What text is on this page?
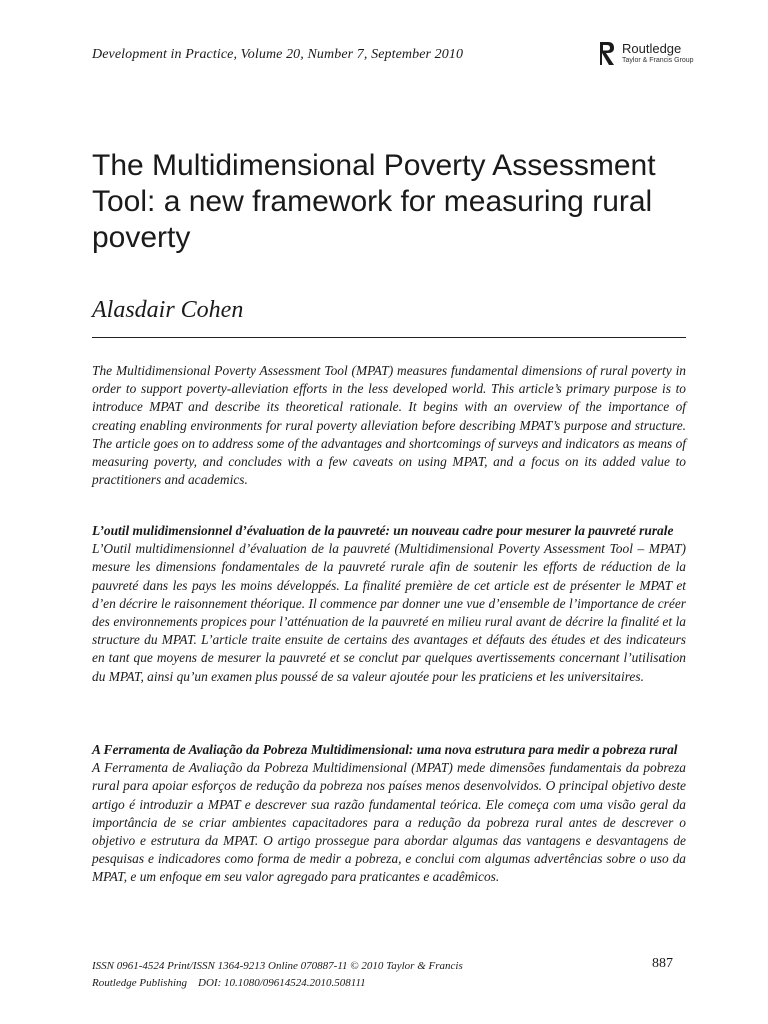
Development in Practice, Volume 20, Number 7, September 2010	Routledge
Taylor & Francis Group
The Multidimensional Poverty Assessment Tool: a new framework for measuring rural poverty
Alasdair Cohen

The Multidimensional Poverty Assessment Tool (MPAT) measures fundamental dimensions of rural poverty in order to support poverty-alleviation efforts in the less developed world. This article’s primary purpose is to introduce MPAT and describe its theoretical rationale. It begins with an overview of the importance of creating enabling environments for rural poverty alleviation before describing MPAT’s purpose and structure. The article goes on to address some of the advantages and shortcomings of surveys and indicators as means of measuring poverty, and concludes with a few caveats on using MPAT, and a focus on its added value to practitioners and academics.

L’outil mulidimensionnel d’évaluation de la pauvreté: un nouveau cadre pour mesurer la pauvreté rurale

L’Outil multidimensionnel d’évaluation de la pauvreté (Multidimensional Poverty Assessment Tool – MPAT) mesure les dimensions fondamentales de la pauvreté rurale afin de soutenir les efforts de réduction de la pauvreté dans les pays les moins développés. La finalité première de cet article est de présenter le MPAT et d’en décrire le raisonnement théorique. Il commence par donner une vue d’ensemble de l’importance de créer des environnements propices pour l’atténuation de la pauvreté en milieu rural avant de décrire la finalité et la structure du MPAT. L’article traite ensuite de certains des avantages et défauts des études et des indicateurs en tant que moyens de mesurer la pauvreté et se conclut par quelques avertissements concernant l’utilisation du MPAT, ainsi qu’un examen plus poussé de sa valeur ajoutée pour les praticiens et les universitaires.

A Ferramenta de Avaliação da Pobreza Multidimensional: uma nova estrutura para medir a pobreza rural

A Ferramenta de Avaliação da Pobreza Multidimensional (MPAT) mede dimensões fundamentais da pobreza rural para apoiar esforços de redução da pobreza nos países menos desenvolvidos. O principal objetivo deste artigo é introduzir a MPAT e descrever sua razão fundamental teórica. Ele começa com uma visão geral da importância de se criar ambientes capacitadores para a redução da pobreza rural antes de descrever o objetivo e estrutura da MPAT. O artigo prossegue para abordar algumas das vantagens e desvantagens de pesquisas e indicadores como forma de medir a pobreza, e conclui com algumas advertências sobre o uso da MPAT, e um enfoque em seu valor agregado para praticantes e acadêmicos.

ISSN 0961-4524 Print/ISSN 1364-9213 Online 070887-11 © 2010 Taylor & Francis
Routledge Publishing    DOI: 10.1080/09614524.2010.508111
887
